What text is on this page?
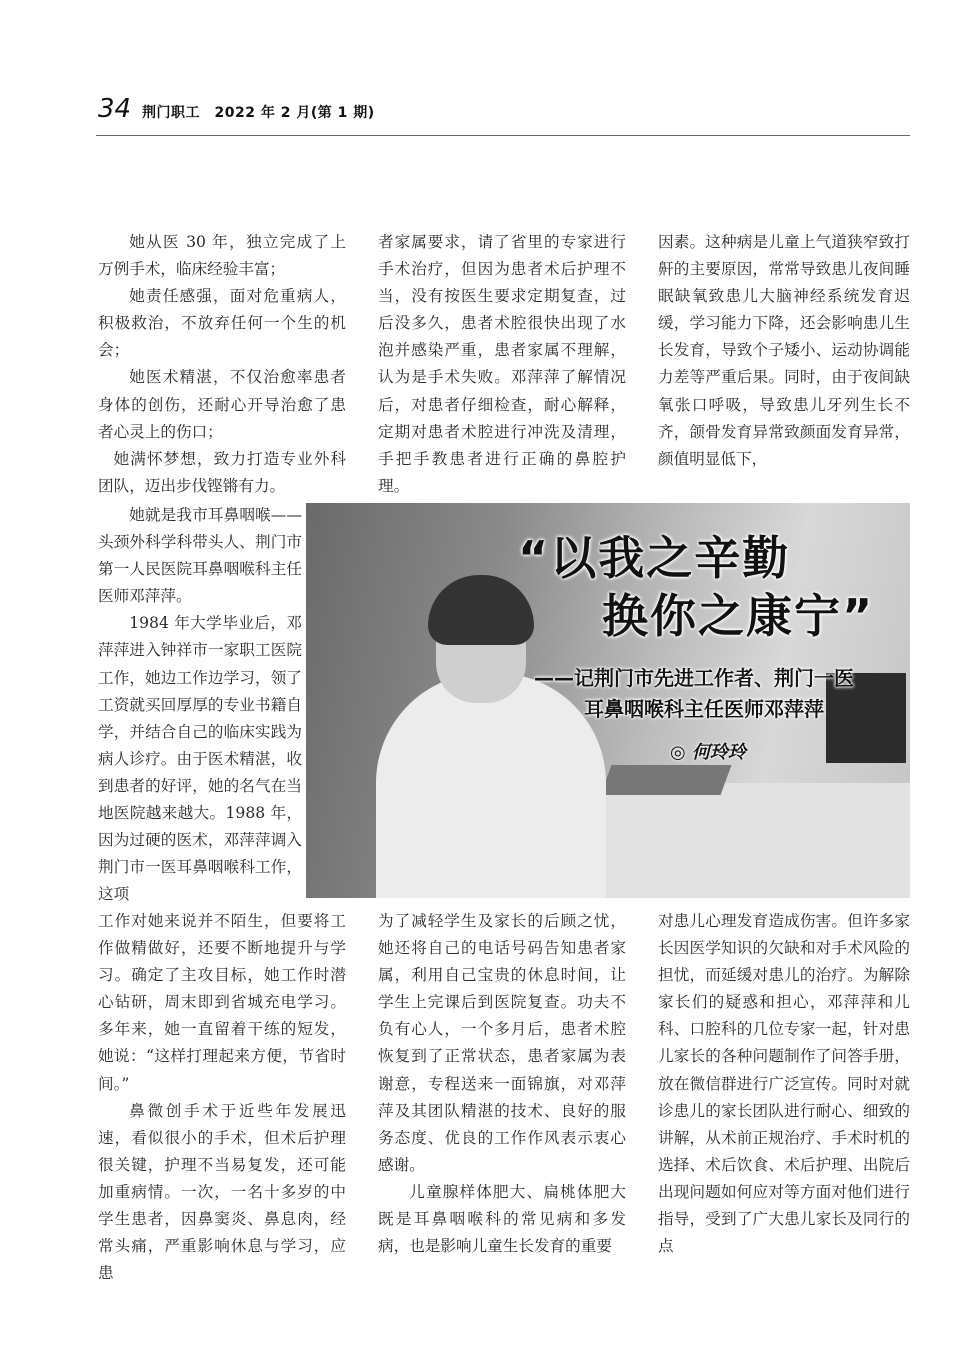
34 荆门职工　2022 年 2 月(第 1 期)

她从医 30 年，独立完成了上万例手术，临床经验丰富；

她责任感强，面对危重病人，积极救治，不放弃任何一个生的机会；

她医术精湛，不仅治愈率患者身体的创伤，还耐心开导治愈了患者心灵上的伤口；

她满怀梦想，致力打造专业外科团队，迈出步伐铿锵有力。

她就是我市耳鼻咽喉——头颈外科学科带头人、荆门市第一人民医院耳鼻咽喉科主任医师邓萍萍。

1984 年大学毕业后，邓萍萍进入钟祥市一家职工医院工作，她边工作边学习，领了工资就买回厚厚的专业书籍自学，并结合自己的临床实践为病人诊疗。由于医术精湛，收到患者的好评，她的名气在当地医院越来越大。1988 年，因为过硬的医术，邓萍萍调入荆门市一医耳鼻咽喉科工作，这项

工作对她来说并不陌生，但要将工作做精做好，还要不断地提升与学习。确定了主攻目标，她工作时潜心钻研，周末即到省城充电学习。多年来，她一直留着干练的短发，她说：“这样打理起来方便，节省时间。”

鼻微创手术于近些年发展迅速，看似很小的手术，但术后护理很关键，护理不当易复发，还可能加重病情。一次，一名十多岁的中学生患者，因鼻窦炎、鼻息肉，经常头痛，严重影响休息与学习，应患

者家属要求，请了省里的专家进行手术治疗，但因为患者术后护理不当，没有按医生要求定期复查，过后没多久，患者术腔很快出现了水泡并感染严重，患者家属不理解，认为是手术失败。邓萍萍了解情况后，对患者仔细检查，耐心解释，定期对患者术腔进行冲洗及清理，手把手教患者进行正确的鼻腔护理。

为了减轻学生及家长的后顾之忧，她还将自己的电话号码告知患者家属，利用自己宝贵的休息时间，让学生上完课后到医院复查。功夫不负有心人，一个多月后，患者术腔恢复到了正常状态，患者家属为表谢意，专程送来一面锦旗，对邓萍萍及其团队精湛的技术、良好的服务态度、优良的工作作风表示衷心感谢。

儿童腺样体肥大、扁桃体肥大既是耳鼻咽喉科的常见病和多发病，也是影响儿童生长发育的重要

因素。这种病是儿童上气道狭窄致打鼾的主要原因，常常导致患儿夜间睡眠缺氧致患儿大脑神经系统发育迟缓，学习能力下降，还会影响患儿生长发育，导致个子矮小、运动协调能力差等严重后果。同时，由于夜间缺氧张口呼吸，导致患儿牙列生长不齐，颌骨发育异常致颜面发育异常，颜值明显低下，

对患儿心理发育造成伤害。但许多家长因医学知识的欠缺和对手术风险的担忧，而延缓对患儿的治疗。为解除家长们的疑惑和担心，邓萍萍和儿科、口腔科的几位专家一起，针对患儿家长的各种问题制作了问答手册，放在微信群进行广泛宣传。同时对就诊患儿的家长团队进行耐心、细致的讲解，从术前正规治疗、手术时机的选择、术后饮食、术后护理、出院后出现问题如何应对等方面对他们进行指导，受到了广大患儿家长及同行的点

“以我之辛勤
换你之康宁”
——记荆门市先进工作者、荆门一医
耳鼻咽喉科主任医师邓萍萍
◎ 何玲玲
